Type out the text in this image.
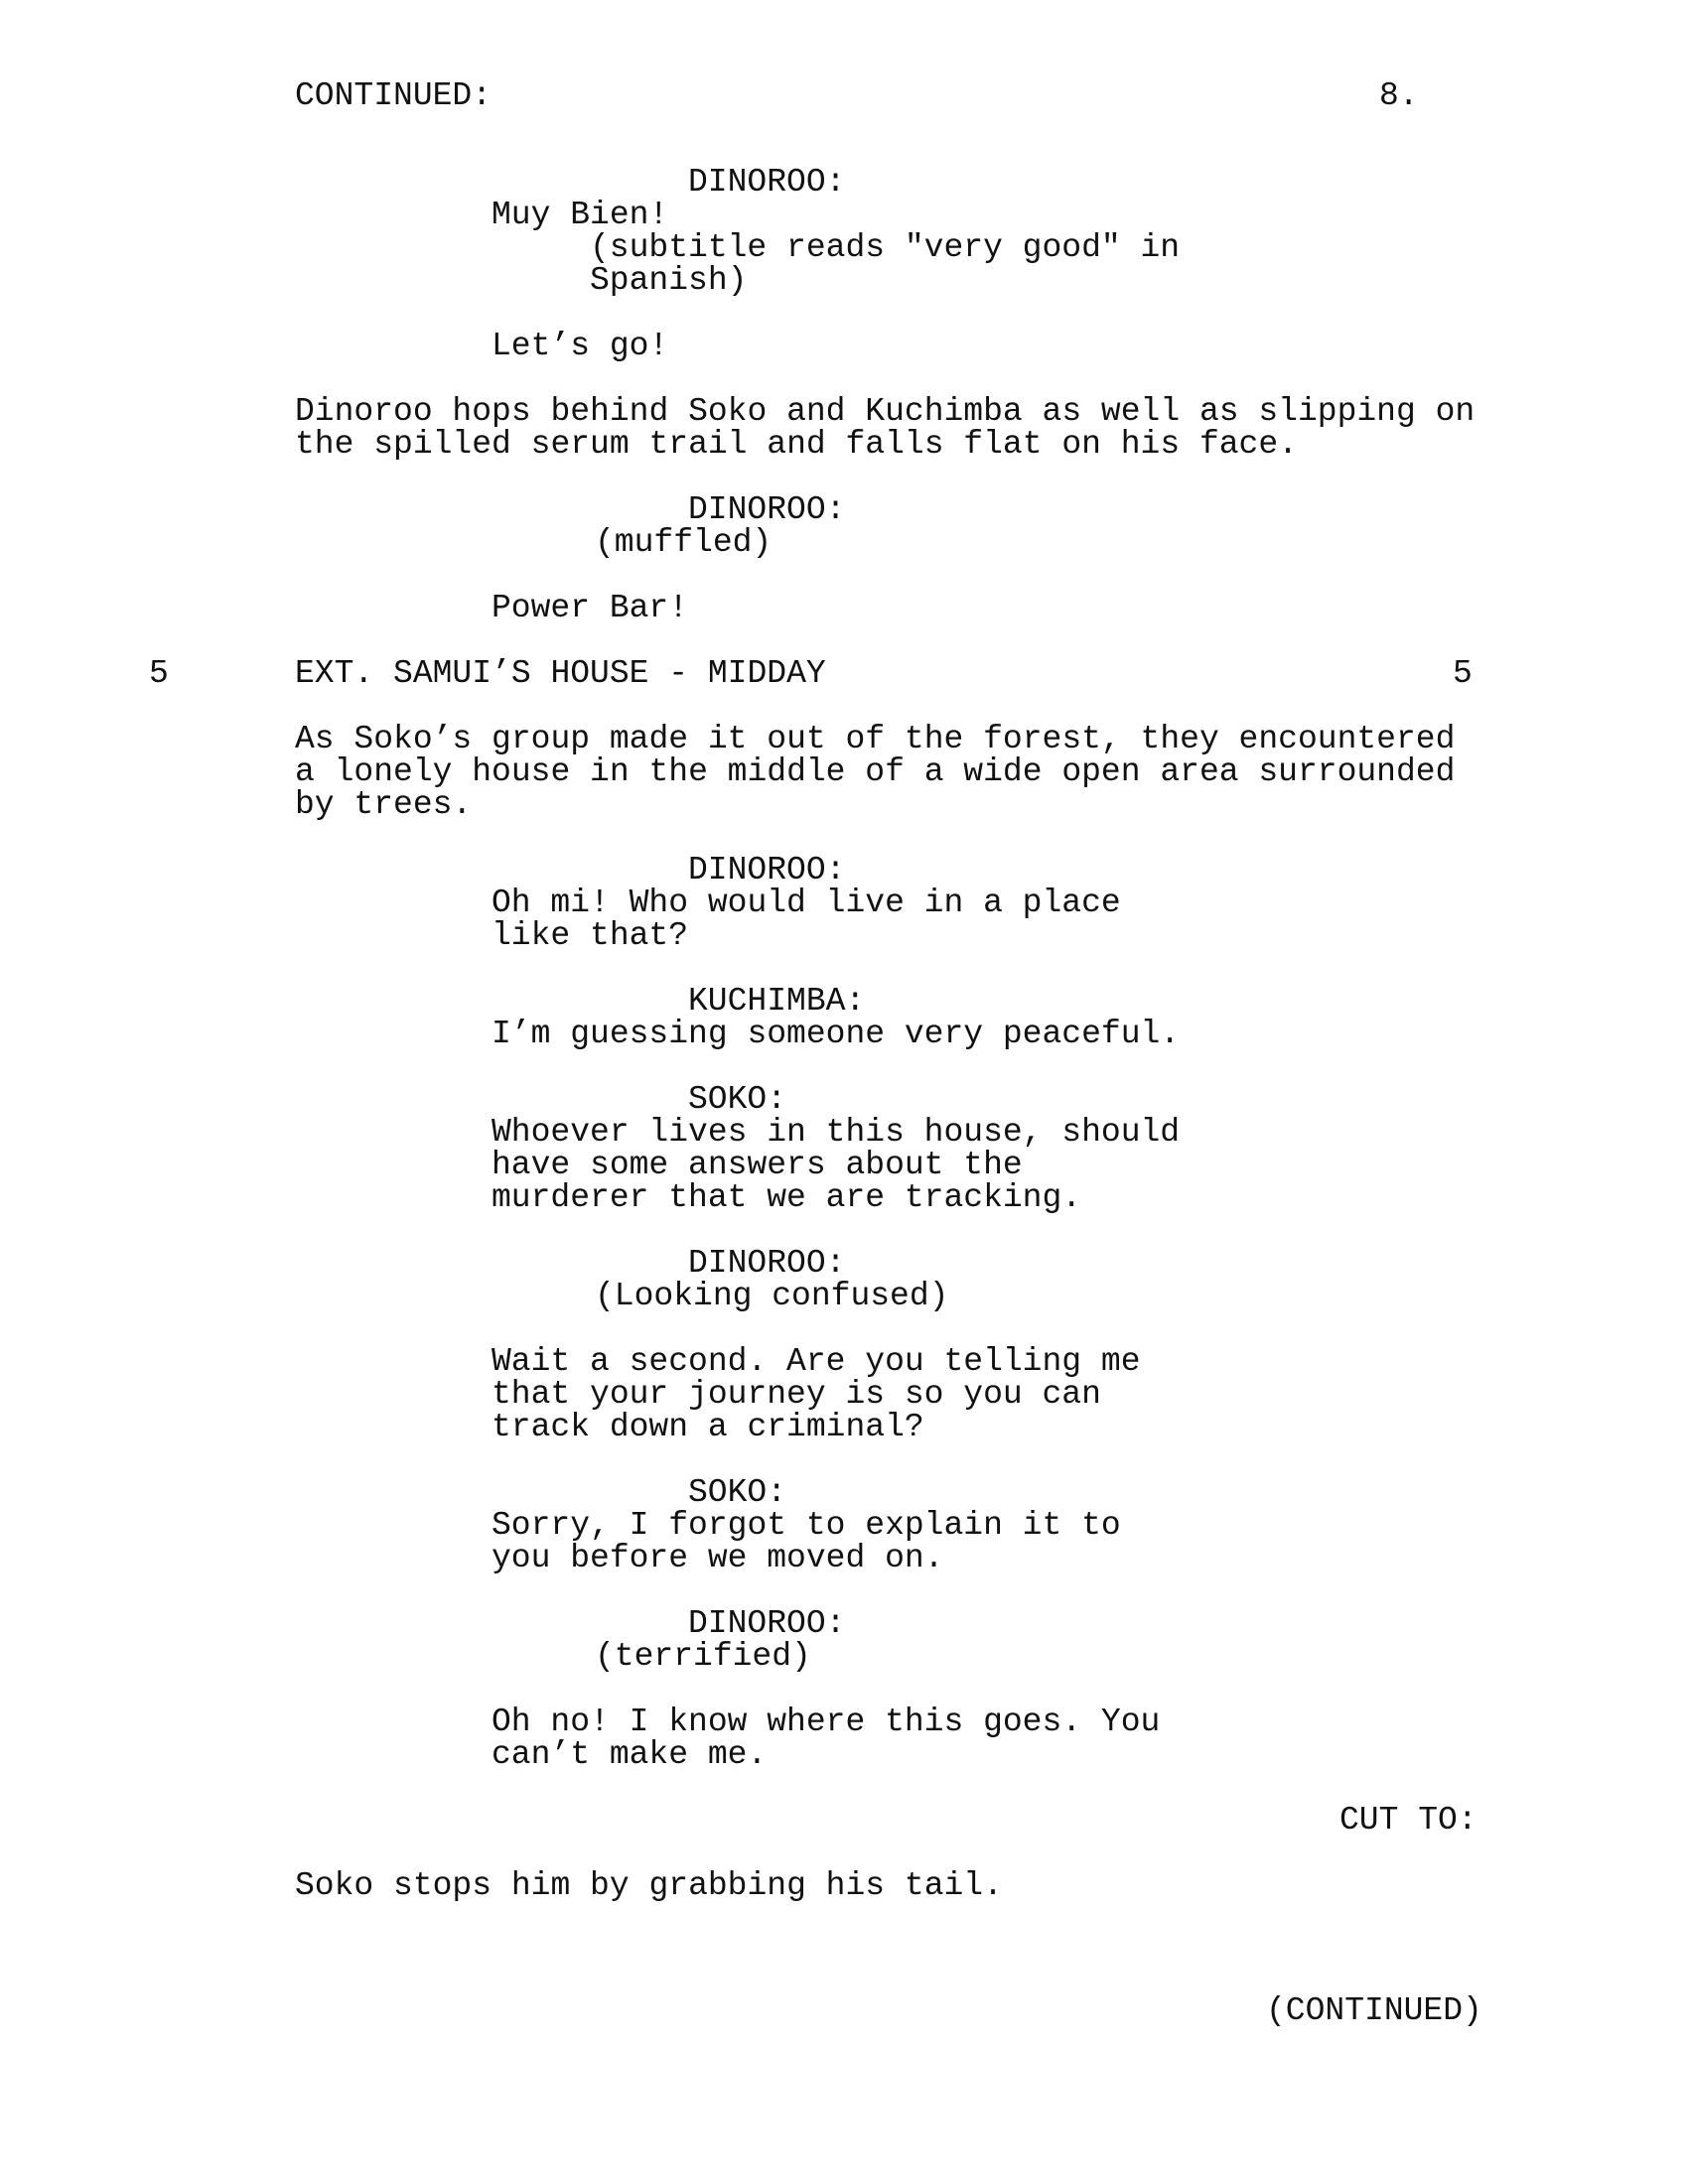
CONTINUED:	8.
DINOROO:
Muy Bien!
(subtitle reads "very good" in
Spanish)
Let’s go!
Dinoroo hops behind Soko and Kuchimba as well as slipping on
the spilled serum trail and falls flat on his face.
DINOROO:
(muffled)
Power Bar!
5	EXT. SAMUI’S HOUSE - MIDDAY	5
As Soko’s group made it out of the forest, they encountered
a lonely house in the middle of a wide open area surrounded
by trees.
DINOROO:
Oh mi! Who would live in a place
like that?
KUCHIMBA:
I’m guessing someone very peaceful.
SOKO:
Whoever lives in this house, should
have some answers about the
murderer that we are tracking.
DINOROO:
(Looking confused)
Wait a second. Are you telling me
that your journey is so you can
track down a criminal?
SOKO:
Sorry, I forgot to explain it to
you before we moved on.
DINOROO:
(terrified)
Oh no! I know where this goes. You
can’t make me.
CUT TO:
Soko stops him by grabbing his tail.
(CONTINUED)
